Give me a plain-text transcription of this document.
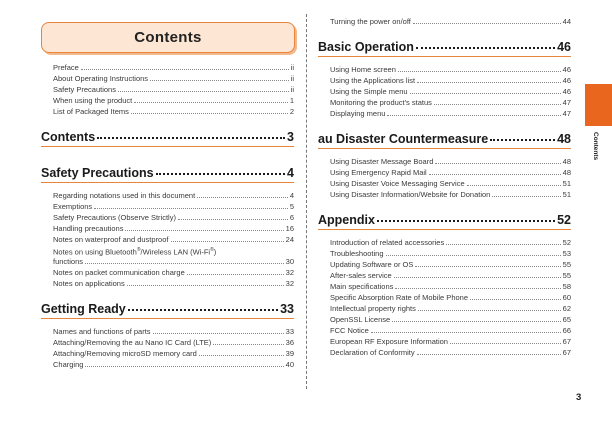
Contents
Preface	ii
About Operating Instructions	ii
Safety Precautions	ii
When using the product	1
List of Packaged Items	2
Contents	3
Safety Precautions	4
Regarding notations used in this document	4
Exemptions	5
Safety Precautions (Observe Strictly)	6
Handling precautions	16
Notes on waterproof and dustproof	24
Notes on using Bluetooth®/Wireless LAN (Wi-Fi®)
functions	30
Notes on packet communication charge	32
Notes on applications	32
Getting Ready	33
Names and functions of parts	33
Attaching/Removing the au Nano IC Card (LTE)	36
Attaching/Removing microSD memory card	39
Charging	40
Turning the power on/off	44
Basic Operation	46
Using Home screen	46
Using the Applications list	46
Using the Simple menu	46
Monitoring the product's status	47
Displaying menu	47
au Disaster Countermeasure	48
Using Disaster Message Board	48
Using Emergency Rapid Mail	48
Using Disaster Voice Messaging Service	51
Using Disaster Information/Website for Donation	51
Appendix	52
Introduction of related accessories	52
Troubleshooting	53
Updating Software or OS	55
After-sales service	55
Main specifications	58
Specific Absorption Rate of Mobile Phone	60
Intellectual property rights	62
OpenSSL License	65
FCC Notice	66
European RF Exposure Information	67
Declaration of Conformity	67
Contents
3
